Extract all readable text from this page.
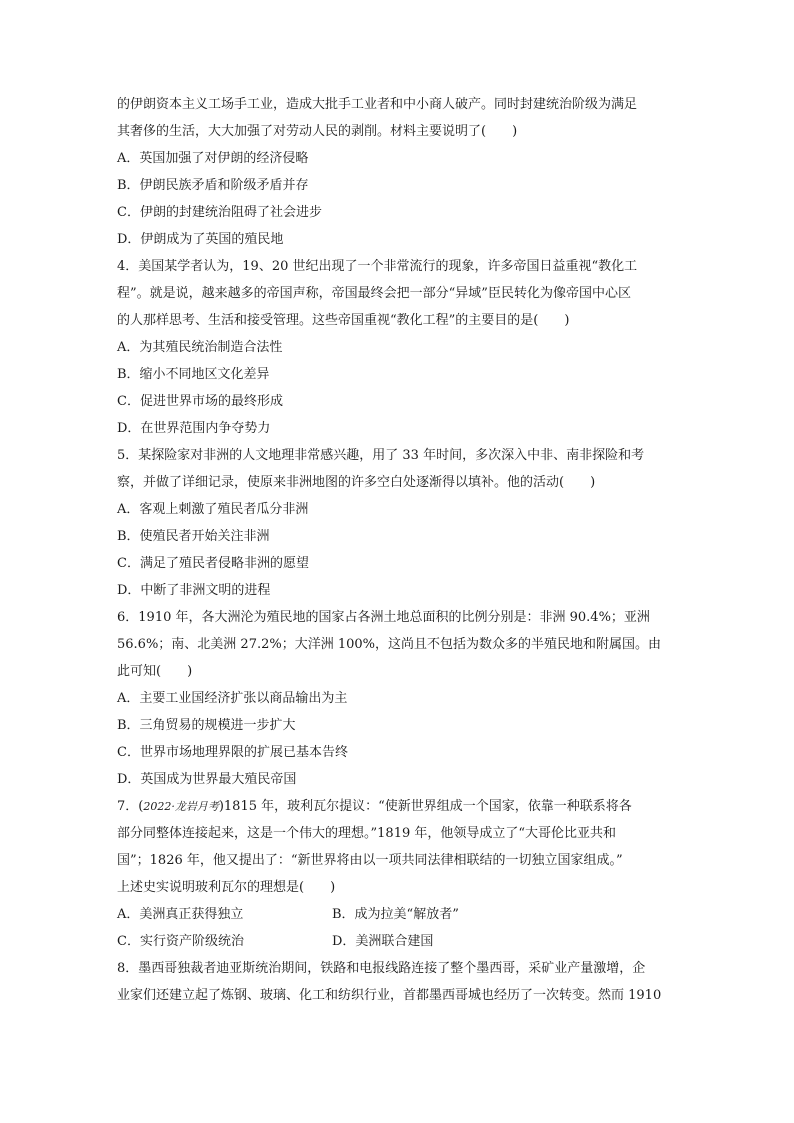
的伊朗资本主义工场手工业，造成大批手工业者和中小商人破产。同时封建统治阶级为满足
其奢侈的生活，大大加强了对劳动人民的剥削。材料主要说明了(　　)
A．英国加强了对伊朗的经济侵略
B．伊朗民族矛盾和阶级矛盾并存
C．伊朗的封建统治阻碍了社会进步
D．伊朗成为了英国的殖民地
4．美国某学者认为，19、20 世纪出现了一个非常流行的现象，许多帝国日益重视“教化工
程”。就是说，越来越多的帝国声称，帝国最终会把一部分“异域”臣民转化为像帝国中心区
的人那样思考、生活和接受管理。这些帝国重视“教化工程”的主要目的是(　　)
A．为其殖民统治制造合法性
B．缩小不同地区文化差异
C．促进世界市场的最终形成
D．在世界范围内争夺势力
5．某探险家对非洲的人文地理非常感兴趣，用了 33 年时间，多次深入中非、南非探险和考
察，并做了详细记录，使原来非洲地图的许多空白处逐渐得以填补。他的活动(　　)
A．客观上刺激了殖民者瓜分非洲
B．使殖民者开始关注非洲
C．满足了殖民者侵略非洲的愿望
D．中断了非洲文明的进程
6．1910 年，各大洲沦为殖民地的国家占各洲土地总面积的比例分别是：非洲 90.4%；亚洲
56.6%；南、北美洲 27.2%；大洋洲 100%，这尚且不包括为数众多的半殖民地和附属国。由
此可知(　　)
A．主要工业国经济扩张以商品输出为主
B．三角贸易的规模进一步扩大
C．世界市场地理界限的扩展已基本告终
D．英国成为世界最大殖民帝国
7．(2022·龙岩月考)1815 年，玻利瓦尔提议：“使新世界组成一个国家，依靠一种联系将各
部分同整体连接起来，这是一个伟大的理想。”1819 年，他领导成立了“大哥伦比亚共和
国”；1826 年，他又提出了：“新世界将由以一项共同法律相联结的一切独立国家组成。”
上述史实说明玻利瓦尔的理想是(　　)
A．美洲真正获得独立	B．成为拉美“解放者”
C．实行资产阶级统治	D．美洲联合建国
8．墨西哥独裁者迪亚斯统治期间，铁路和电报线路连接了整个墨西哥，采矿业产量激增，企
业家们还建立起了炼钢、玻璃、化工和纺织行业，首都墨西哥城也经历了一次转变。然而 1910
